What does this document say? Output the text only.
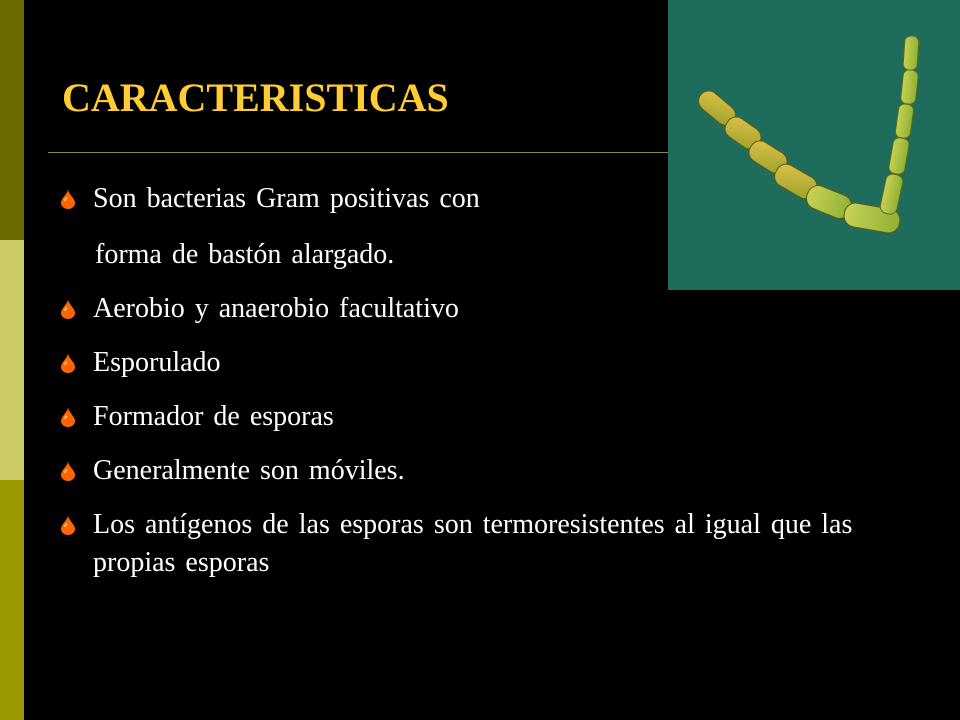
CARACTERISTICAS
Son bacterias Gram positivas con
forma de bastón alargado.
Aerobio y anaerobio facultativo
Esporulado
Formador de esporas
Generalmente son móviles.
Los antígenos de las esporas son termoresistentes al igual que las propias esporas
